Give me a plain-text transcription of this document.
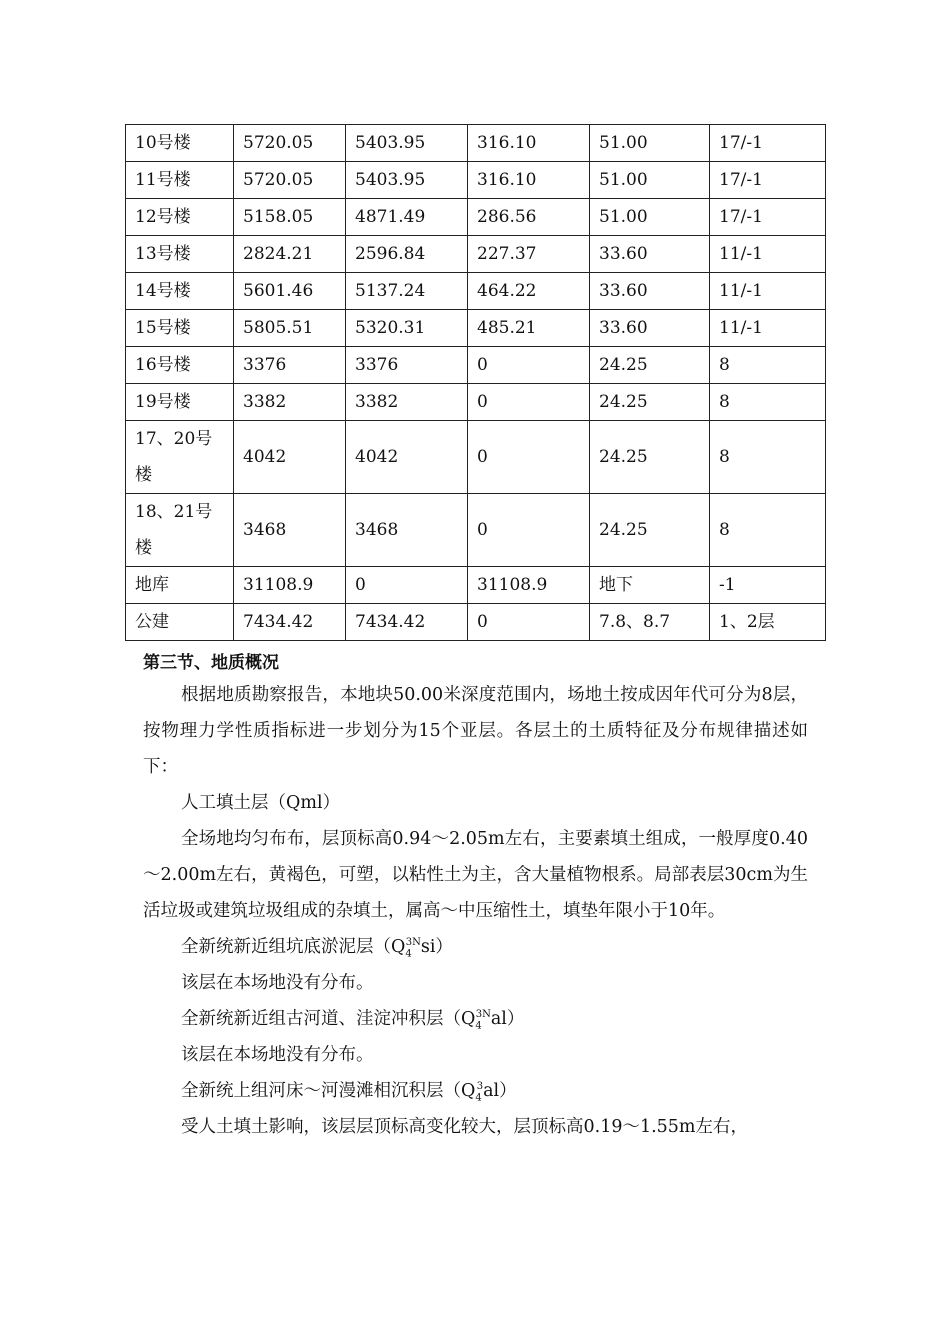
10号楼	5720.05	5403.95	316.10	51.00	17/-1
11号楼	5720.05	5403.95	316.10	51.00	17/-1
12号楼	5158.05	4871.49	286.56	51.00	17/-1
13号楼	2824.21	2596.84	227.37	33.60	11/-1
14号楼	5601.46	5137.24	464.22	33.60	11/-1
15号楼	5805.51	5320.31	485.21	33.60	11/-1
16号楼	3376	3376	0	24.25	8
19号楼	3382	3382	0	24.25	8
17、20号楼	4042	4042	0	24.25	8
18、21号楼	3468	3468	0	24.25	8
地库	31108.9	0	31108.9	地下	-1
公建	7434.42	7434.42	0	7.8、8.7	1、2层
第三节、地质概况

根据地质勘察报告，本地块50.00米深度范围内，场地土按成因年代可分为8层，按物理力学性质指标进一步划分为15个亚层。各层土的土质特征及分布规律描述如下：

人工填土层（Qml）

全场地均匀布布，层顶标高0.94～2.05m左右，主要素填土组成，一般厚度0.40～2.00m左右，黄褐色，可塑，以粘性土为主，含大量植物根系。局部表层30cm为生活垃圾或建筑垃圾组成的杂填土，属高～中压缩性土，填垫年限小于10年。

全新统新近组坑底淤泥层$(Q_4^{3N}si)$

该层在本场地没有分布。

全新统新近组古河道、洼淀冲积层$(Q_4^{3N}al)$

该层在本场地没有分布。

全新统上组河床～河漫滩相沉积层$(Q_4^3al)$

受人土填土影响，该层层顶标高变化较大，层顶标高0.19～1.55m左右，
